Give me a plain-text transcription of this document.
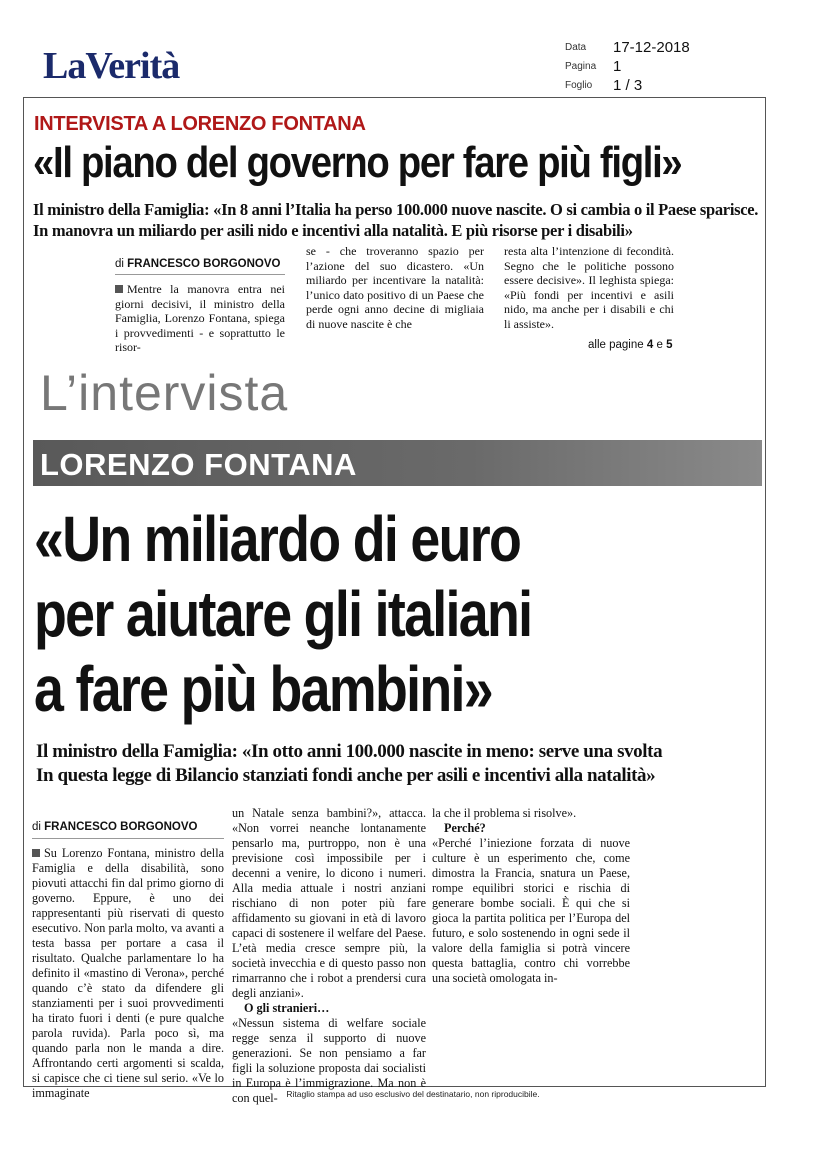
LaVerità	Data	17-12-2018
Pagina	1
Foglio	1 / 3
INTERVISTA A LORENZO FONTANA
«Il piano del governo per fare più figli»
Il ministro della Famiglia: «In 8 anni l’Italia ha perso 100.000 nuove nascite. O si cambia o il Paese sparisce. In manovra un miliardo per asili nido e incentivi alla natalità. E più risorse per i disabili»
di FRANCESCO BORGONOVO
Mentre la manovra entra nei giorni decisivi, il ministro della Famiglia, Lorenzo Fontana, spiega i provvedimenti - e soprattutto le risor-
se - che troveranno spazio per l’azione del suo dicastero. «Un miliardo per incentivare la natalità: l’unico dato positivo di un Paese che perde ogni anno decine di migliaia di nuove nascite è che
resta alta l’intenzione di fecondità. Segno che le politiche possono essere decisive». Il leghista spiega: «Più fondi per incentivi e asili nido, ma anche per i disabili e chi li assiste».
alle pagine 4 e 5
L’intervista
LORENZO FONTANA
«Un miliardo di euro
per aiutare gli italiani
a fare più bambini»
Il ministro della Famiglia: «In otto anni 100.000 nascite in meno: serve una svolta
In questa legge di Bilancio stanziati fondi anche per asili e incentivi alla natalità»
di FRANCESCO BORGONOVO
Su Lorenzo Fontana, ministro della Famiglia e della disabilità, sono piovuti attacchi fin dal primo giorno di governo. Eppure, è uno dei rappresentanti più riservati di questo esecutivo. Non parla molto, va avanti a testa bassa per portare a casa il risultato. Qualche parlamentare lo ha definito il «mastino di Verona», perché quando c’è stato da difendere gli stanziamenti per i suoi provvedimenti ha tirato fuori i denti (e pure qualche parola ruvida). Parla poco sì, ma quando parla non le manda a dire. Affrontando certi argomenti si scalda, si capisce che ci tiene sul serio. «Ve lo immaginate
un Natale senza bambini?», attacca. «Non vorrei neanche lontanamente pensarlo ma, purtroppo, non è una previsione così impossibile per i decenni a venire, lo dicono i numeri. Alla media attuale i nostri anziani rischiano di non poter più fare affidamento su giovani in età di lavoro capaci di sostenere il welfare del Paese. L’età media cresce sempre più, la società invecchia e di questo passo non rimarranno che i robot a prendersi cura degli anziani».
O gli stranieri…
«Nessun sistema di welfare sociale regge senza il supporto di nuove generazioni. Se non pensiamo a far figli la soluzione proposta dai socialisti in Europa è l’immigrazione. Ma non è con quel-
la che il problema si risolve».
Perché?
«Perché l’iniezione forzata di nuove culture è un esperimento che, come dimostra la Francia, snatura un Paese, rompe equilibri storici e rischia di generare bombe sociali. È qui che si gioca la partita politica per l’Europa del futuro, e solo sostenendo in ogni sede il valore della famiglia si potrà vincere questa battaglia, contro chi vorrebbe una società omologata in-
Ritaglio stampa ad uso esclusivo del destinatario, non riproducibile.
